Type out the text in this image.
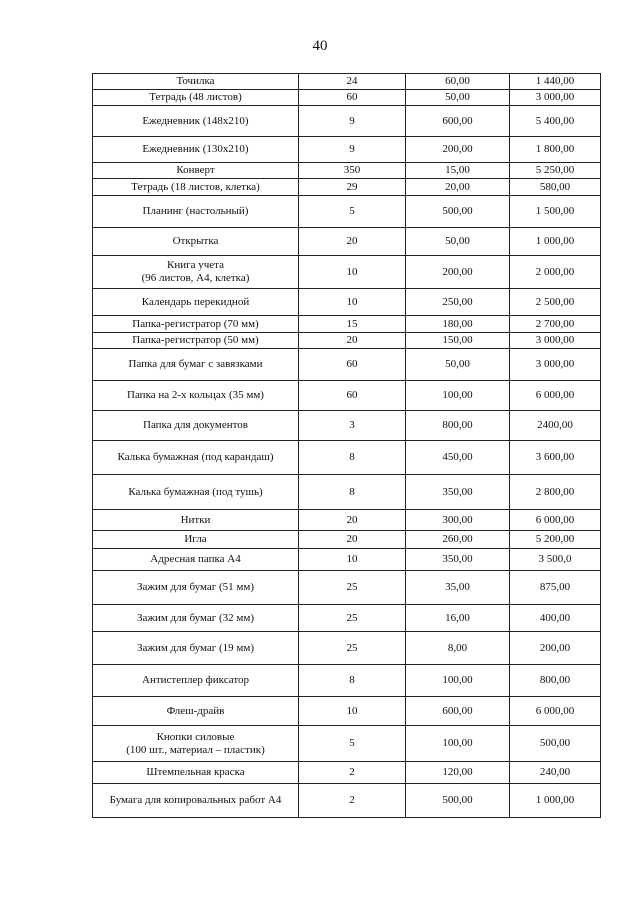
40
Точилка	24	60,00	1 440,00
Тетрадь (48 листов)	60	50,00	3 000,00
Ежедневник (148х210)	9	600,00	5 400,00
Ежедневник (130х210)	9	200,00	1 800,00
Конверт	350	15,00	5 250,00
Тетрадь (18 листов, клетка)	29	20,00	580,00
Планинг (настольный)	5	500,00	1 500,00
Открытка	20	50,00	1 000,00
Книга учета
(96 листов, А4, клетка)	10	200,00	2 000,00
Календарь перекидной	10	250,00	2 500,00
Папка-регистратор (70 мм)	15	180,00	2 700,00
Папка-регистратор (50 мм)	20	150,00	3 000,00
Папка для бумаг с завязками	60	50,00	3 000,00
Папка на 2-х кольцах (35 мм)	60	100,00	6 000,00
Папка для документов	3	800,00	2400,00
Калька бумажная (под карандаш)	8	450,00	3 600,00
Калька бумажная (под тушь)	8	350,00	2 800,00
Нитки	20	300,00	6 000,00
Игла	20	260,00	5 200,00
Адресная папка А4	10	350,00	3 500,0
Зажим для бумаг (51 мм)	25	35,00	875,00
Зажим для бумаг (32 мм)	25	16,00	400,00
Зажим для бумаг (19 мм)	25	8,00	200,00
Антистеплер фиксатор	8	100,00	800,00
Флеш-драйв	10	600,00	6 000,00
Кнопки силовые
(100 шт., материал – пластик)	5	100,00	500,00
Штемпельная краска	2	120,00	240,00
Бумага для копировальных работ А4	2	500,00	1 000,00
